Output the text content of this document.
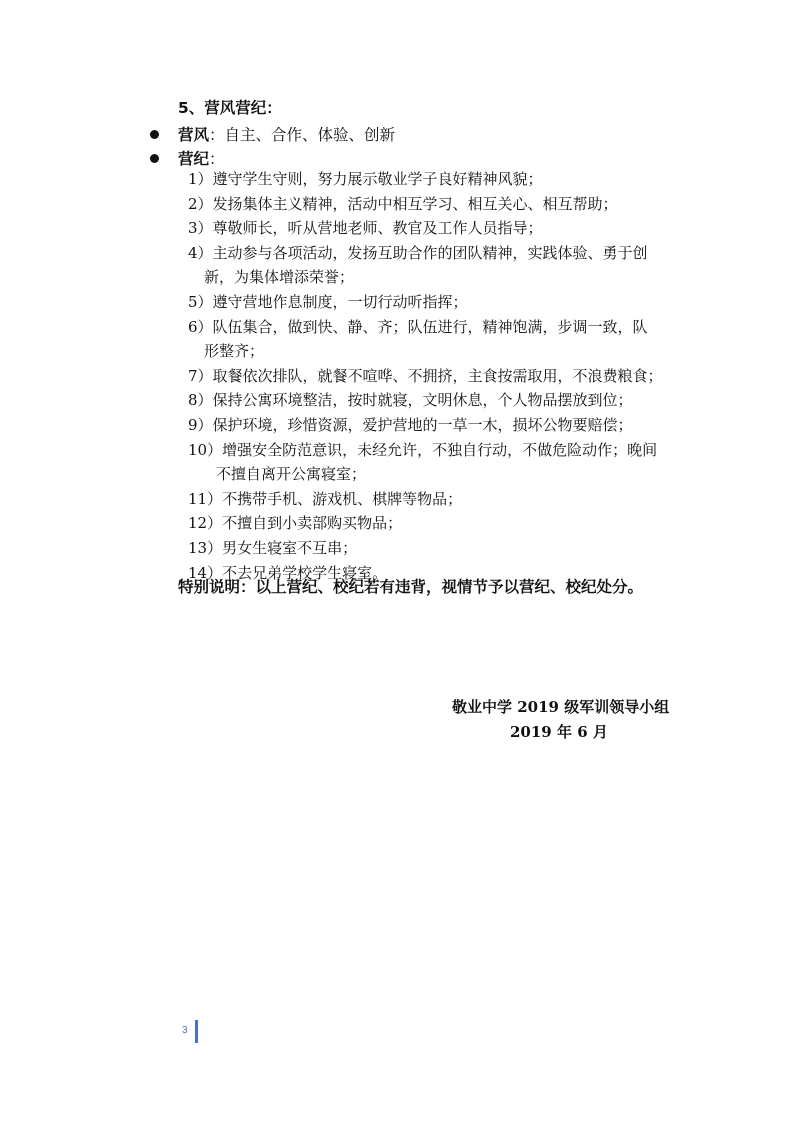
5、营风营纪：
营风 ：自主、合作、体验、创新
营纪 ：

1）遵守学生守则，努力展示敬业学子良好精神风貌；

2）发扬集体主义精神，活动中相互学习、相互关心、相互帮助；

3）尊敬师长，听从营地老师、教官及工作人员指导；

4）主动参与各项活动，发扬互助合作的团队精神，实践体验、勇于创
新，为集体增添荣誉；

5）遵守营地作息制度，一切行动听指挥；

6）队伍集合，做到快、静、齐；队伍进行，精神饱满，步调一致，队
形整齐；

7）取餐依次排队，就餐不喧哗、不拥挤，主食按需取用，不浪费粮食；

8）保持公寓环境整洁，按时就寝，文明休息，个人物品摆放到位；

9）保护环境，珍惜资源，爱护营地的一草一木，损坏公物要赔偿；

10）增强安全防范意识，未经允许，不独自行动，不做危险动作；晚间
不擅自离开公寓寝室；

11）不携带手机、游戏机、棋牌等物品；

12）不擅自到小卖部购买物品；

13）男女生寝室不互串；

14）不去兄弟学校学生寝室。

特别说明：以上营纪、校纪若有违背，视情节予以营纪、校纪处分。
敬业中学 2019 级军训领导小组
2019 年 6 月
3
